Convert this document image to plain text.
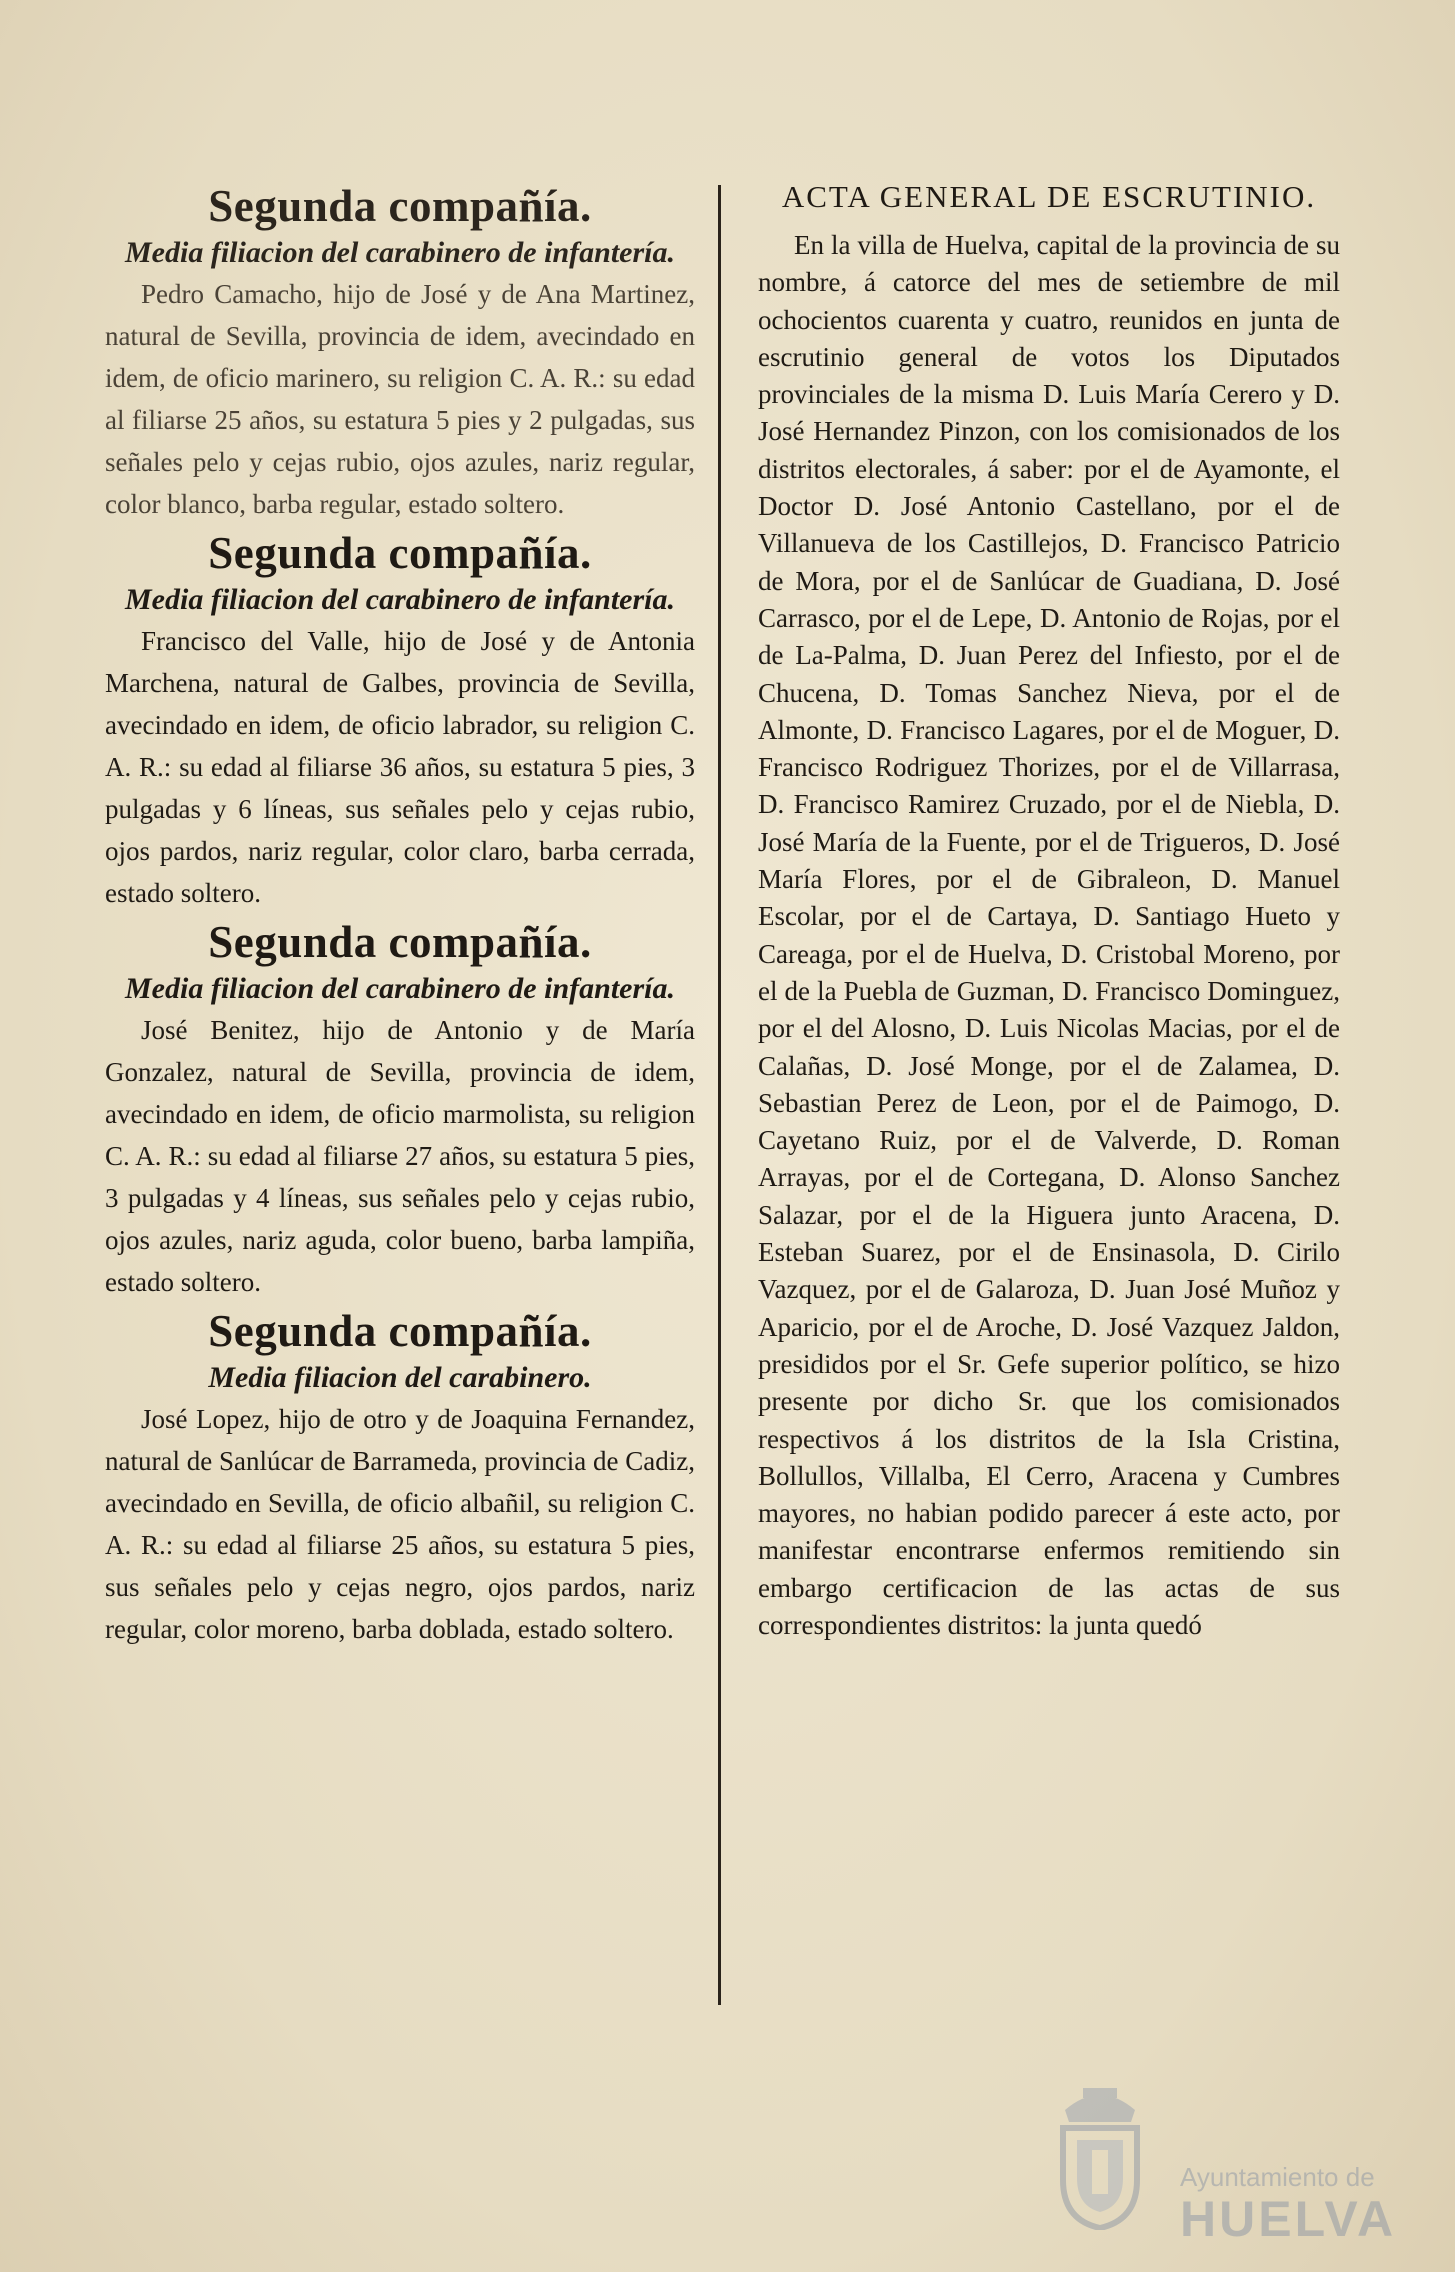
Segunda compañía.

Media filiacion del carabinero de infantería.

Pedro Camacho, hijo de José y de Ana Martinez, natural de Sevilla, provincia de idem, avecindado en idem, de oficio marinero, su religion C. A. R.: su edad al filiarse 25 años, su estatura 5 pies y 2 pulgadas, sus señales pelo y cejas rubio, ojos azules, nariz regular, color blanco, barba regular, estado soltero.

Segunda compañía.

Media filiacion del carabinero de infantería.

Francisco del Valle, hijo de José y de Antonia Marchena, natural de Galbes, provincia de Sevilla, avecindado en idem, de oficio labrador, su religion C. A. R.: su edad al filiarse 36 años, su estatura 5 pies, 3 pulgadas y 6 líneas, sus señales pelo y cejas rubio, ojos pardos, nariz regular, color claro, barba cerrada, estado soltero.

Segunda compañía.

Media filiacion del carabinero de infantería.

José Benitez, hijo de Antonio y de María Gonzalez, natural de Sevilla, provincia de idem, avecindado en idem, de oficio marmolista, su religion C. A. R.: su edad al filiarse 27 años, su estatura 5 pies, 3 pulgadas y 4 líneas, sus señales pelo y cejas rubio, ojos azules, nariz aguda, color bueno, barba lampiña, estado soltero.

Segunda compañía.

Media filiacion del carabinero.

José Lopez, hijo de otro y de Joaquina Fernandez, natural de Sanlúcar de Barrameda, provincia de Cadiz, avecindado en Sevilla, de oficio albañil, su religion C. A. R.: su edad al filiarse 25 años, su estatura 5 pies, sus señales pelo y cejas negro, ojos pardos, nariz regular, color moreno, barba doblada, estado soltero.

ACTA GENERAL DE ESCRUTINIO.

En la villa de Huelva, capital de la provincia de su nombre, á catorce del mes de setiembre de mil ochocientos cuarenta y cuatro, reunidos en junta de escrutinio general de votos los Diputados provinciales de la misma D. Luis María Cerero y D. José Hernandez Pinzon, con los comisionados de los distritos electorales, á saber: por el de Ayamonte, el Doctor D. José Antonio Castellano, por el de Villanueva de los Castillejos, D. Francisco Patricio de Mora, por el de Sanlúcar de Guadiana, D. José Carrasco, por el de Lepe, D. Antonio de Rojas, por el de La-Palma, D. Juan Perez del Infiesto, por el de Chucena, D. Tomas Sanchez Nieva, por el de Almonte, D. Francisco Lagares, por el de Moguer, D. Francisco Rodriguez Thorizes, por el de Villarrasa, D. Francisco Ramirez Cruzado, por el de Niebla, D. José María de la Fuente, por el de Trigueros, D. José María Flores, por el de Gibraleon, D. Manuel Escolar, por el de Cartaya, D. Santiago Hueto y Careaga, por el de Huelva, D. Cristobal Moreno, por el de la Puebla de Guzman, D. Francisco Dominguez, por el del Alosno, D. Luis Nicolas Macias, por el de Calañas, D. José Monge, por el de Zalamea, D. Sebastian Perez de Leon, por el de Paimogo, D. Cayetano Ruiz, por el de Valverde, D. Roman Arrayas, por el de Cortegana, D. Alonso Sanchez Salazar, por el de la Higuera junto Aracena, D. Esteban Suarez, por el de Ensinasola, D. Cirilo Vazquez, por el de Galaroza, D. Juan José Muñoz y Aparicio, por el de Aroche, D. José Vazquez Jaldon, presididos por el Sr. Gefe superior político, se hizo presente por dicho Sr. que los comisionados respectivos á los distritos de la Isla Cristina, Bollullos, Villalba, El Cerro, Aracena y Cumbres mayores, no habian podido parecer á este acto, por manifestar encontrarse enfermos remitiendo sin embargo certificacion de las actas de sus correspondientes distritos: la junta quedó

Ayuntamiento de
HUELVA
